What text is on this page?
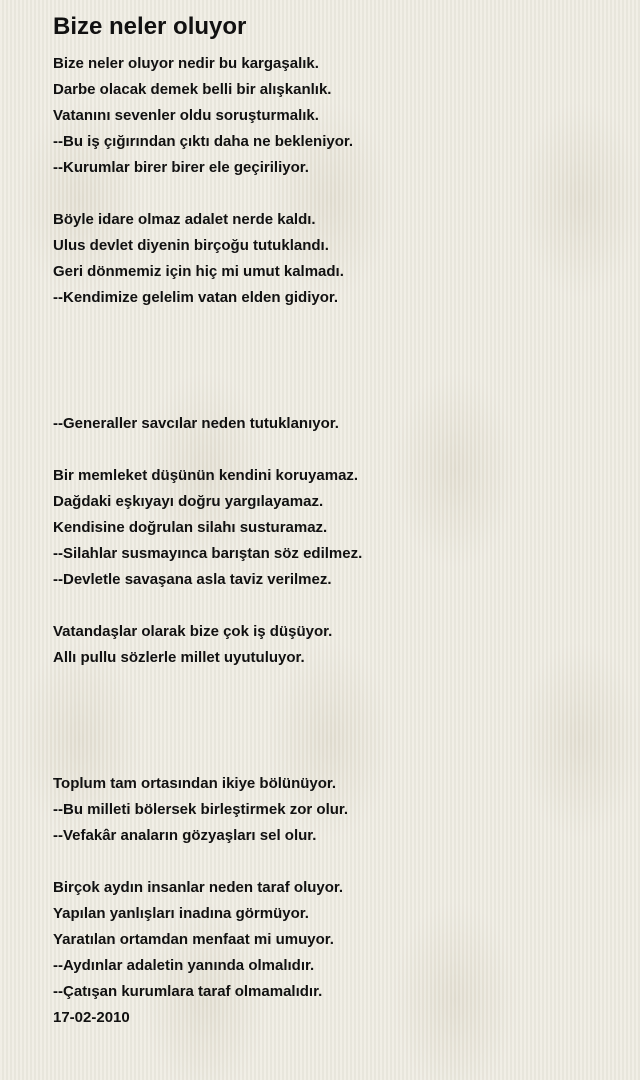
Bize neler oluyor
Bize neler oluyor nedir bu kargaşalık.
Darbe olacak demek belli bir alışkanlık.
Vatanını sevenler oldu soruşturmalık.
--Bu iş çığırından çıktı daha ne bekleniyor.
--Kurumlar birer birer ele geçiriliyor.
Böyle idare olmaz adalet nerde kaldı.
Ulus devlet diyenin birçoğu tutuklandı.
Geri dönmemiz için hiç mi umut kalmadı.
--Kendimize gelelim vatan elden gidiyor.
--Generaller savcılar neden tutuklanıyor.
Bir memleket düşünün kendini koruyamaz.
Dağdaki eşkıyayı doğru yargılayamaz.
Kendisine doğrulan silahı susturamaz.
--Silahlar susmayınca barıştan söz edilmez.
--Devletle savaşana asla taviz verilmez.
Vatandaşlar olarak bize çok iş düşüyor.
Allı pullu sözlerle millet uyutuluyor.
Toplum tam ortasından ikiye bölünüyor.
--Bu milleti bölersek birleştirmek zor olur.
--Vefakâr anaların gözyaşları sel olur.
Birçok aydın insanlar neden taraf oluyor.
Yapılan yanlışları inadına görmüyor.
Yaratılan ortamdan menfaat mi umuyor.
--Aydınlar adaletin yanında olmalıdır.
--Çatışan kurumlara taraf olmamalıdır.
17-02-2010
